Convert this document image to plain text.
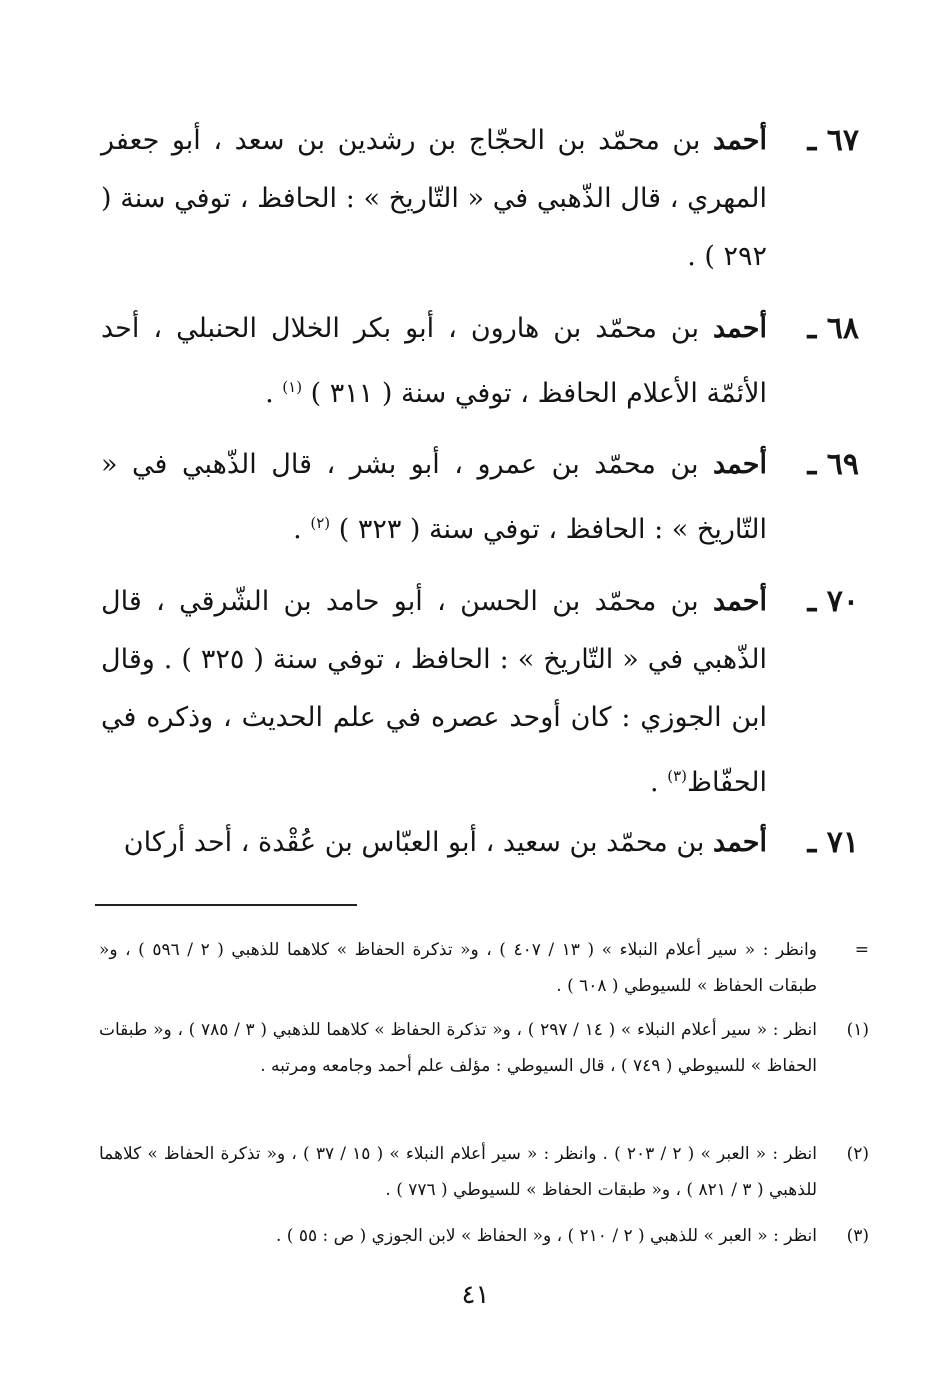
٦٧ ـ
أحمد بن محمّد بن الحجّاج بن رشدين بن سعد ، أبو جعفر المهري ، قال الذّهبي في « التّاريخ » : الحافظ ، توفي سنة ( ٢٩٢ ) .
٦٨ ـ
أحمد بن محمّد بن هارون ، أبو بكر الخلال الحنبلي ، أحد الأئمّة الأعلام الحافظ ، توفي سنة ( ٣١١ ) $^{(١)}$ .
٦٩ ـ
أحمد بن محمّد بن عمرو ، أبو بشر ، قال الذّهبي في « التّاريخ » : الحافظ ، توفي سنة ( ٣٢٣ ) $^{(٢)}$ .
٧٠ ـ
أحمد بن محمّد بن الحسن ، أبو حامد بن الشّرقي ، قال الذّهبي في « التّاريخ » : الحافظ ، توفي سنة ( ٣٢٥ ) . وقال ابن الجوزي : كان أوحد عصره في علم الحديث ، وذكره في الحفّاظ$^{(٣)}$ .
٧١ ـ
أحمد بن محمّد بن سعيد ، أبو العبّاس بن عُقْدة ، أحد أركان
=
وانظر : « سير أعلام النبلاء » ( ١٣ / ٤٠٧ ) ، و« تذكرة الحفاظ » كلاهما للذهبي ( ٢ / ٥٩٦ ) ، و« طبقات الحفاظ » للسيوطي ( ٦٠٨ ) .
(١)
انظر : « سير أعلام النبلاء » ( ١٤ / ٢٩٧ ) ، و« تذكرة الحفاظ » كلاهما للذهبي ( ٣ / ٧٨٥ ) ، و« طبقات الحفاظ » للسيوطي ( ٧٤٩ ) ، قال السيوطي : مؤلف علم أحمد وجامعه ومرتبه .
(٢)
انظر : « العبر » ( ٢ / ٢٠٣ ) . وانظر : « سير أعلام النبلاء » ( ١٥ / ٣٧ ) ، و« تذكرة الحفاظ » كلاهما للذهبي ( ٣ / ٨٢١ ) ، و« طبقات الحفاظ » للسيوطي ( ٧٧٦ ) .
(٣)
انظر : « العبر » للذهبي ( ٢ / ٢١٠ ) ، و« الحفاظ » لابن الجوزي ( ص : ٥٥ ) .
٤١
